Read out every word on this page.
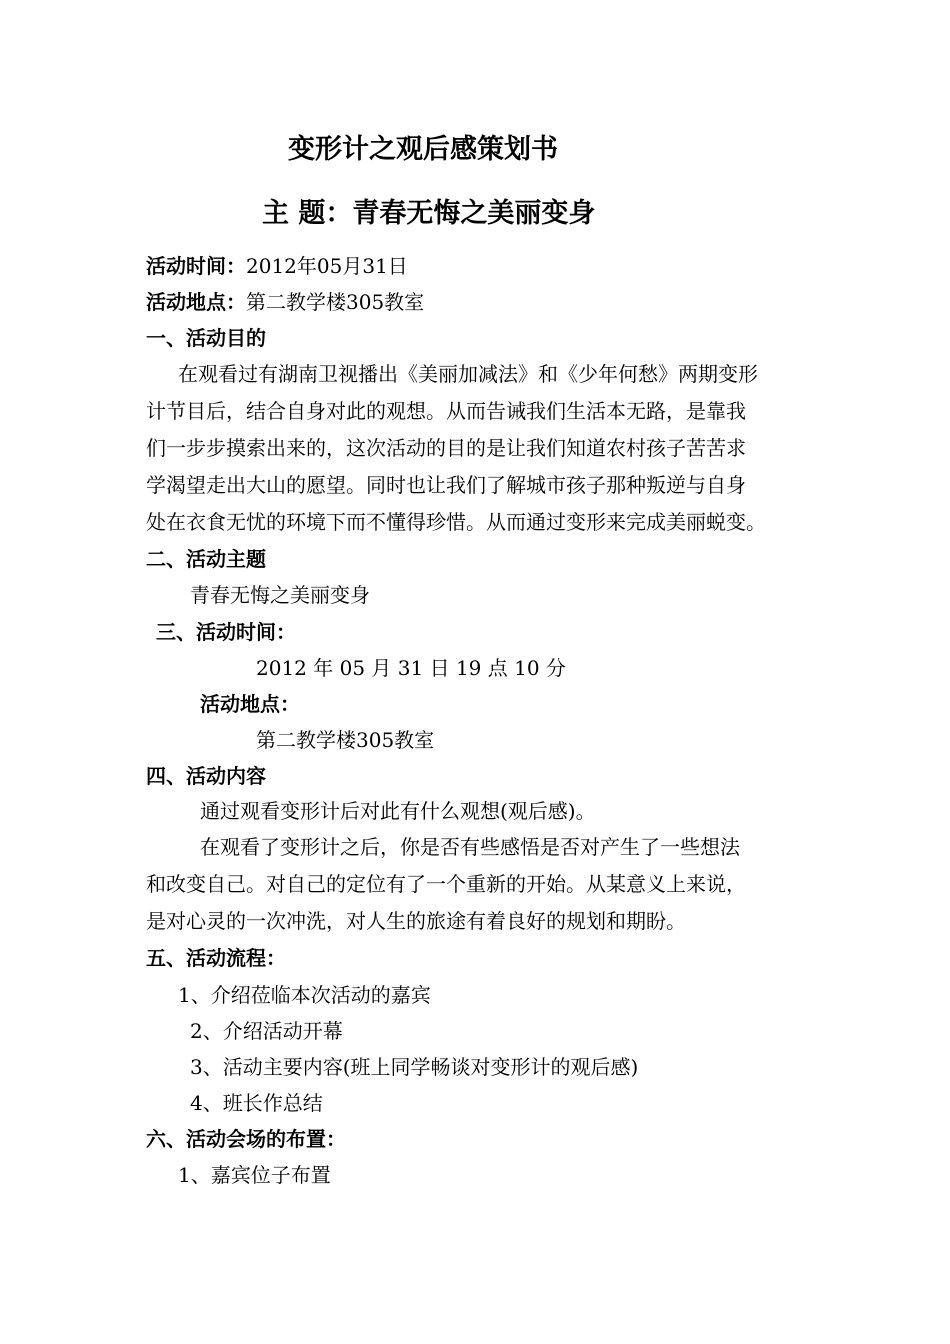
变形计之观后感策划书
主 题：青春无悔之美丽变身
活动时间：2012年05月31日
活动地点：第二教学楼305教室
一、活动目的
在观看过有湖南卫视播出《美丽加减法》和《少年何愁》两期变形
计节目后，结合自身对此的观想。从而告诫我们生活本无路，是靠我
们一步步摸索出来的，这次活动的目的是让我们知道农村孩子苦苦求
学渴望走出大山的愿望。同时也让我们了解城市孩子那种叛逆与自身
处在衣食无忧的环境下而不懂得珍惜。从而通过变形来完成美丽蜕变。
二、活动主题
青春无悔之美丽变身
三、活动时间：
2012 年 05 月 31 日 19 点 10 分
活动地点：
第二教学楼305教室
四、活动内容
通过观看变形计后对此有什么观想(观后感)。
在观看了变形计之后，你是否有些感悟是否对产生了一些想法
和改变自己。对自己的定位有了一个重新的开始。从某意义上来说，
是对心灵的一次冲洗，对人生的旅途有着良好的规划和期盼。
五、活动流程：
1、介绍莅临本次活动的嘉宾
2、介绍活动开幕
3、活动主要内容(班上同学畅谈对变形计的观后感)
4、班长作总结
六、活动会场的布置：
1、嘉宾位子布置
